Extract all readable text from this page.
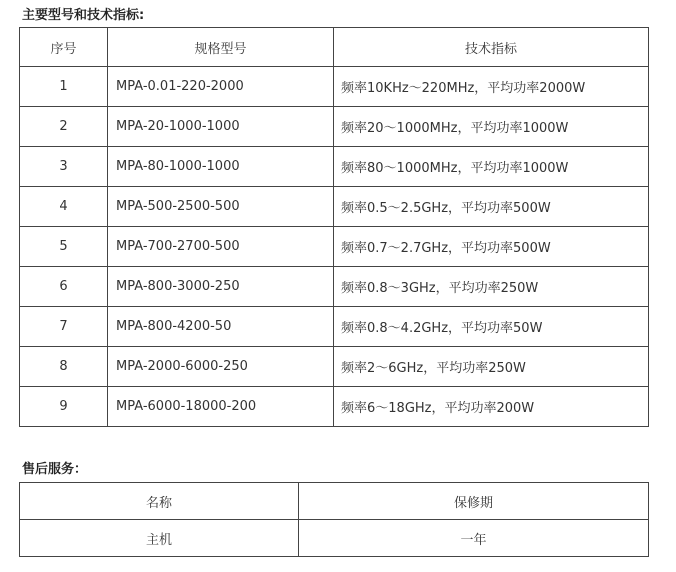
主要型号和技术指标:
序号	规格型号	技术指标
1	MPA-0.01-220-2000	频率10KHz～220MHz，平均功率2000W
2	MPA-20-1000-1000	频率20～1000MHz，平均功率1000W
3	MPA-80-1000-1000	频率80～1000MHz，平均功率1000W
4	MPA-500-2500-500	频率0.5～2.5GHz，平均功率500W
5	MPA-700-2700-500	频率0.7～2.7GHz，平均功率500W
6	MPA-800-3000-250	频率0.8～3GHz，平均功率250W
7	MPA-800-4200-50	频率0.8～4.2GHz，平均功率50W
8	MPA-2000-6000-250	频率2～6GHz，平均功率250W
9	MPA-6000-18000-200	频率6～18GHz，平均功率200W
售后服务：
名称	保修期
主机	一年
